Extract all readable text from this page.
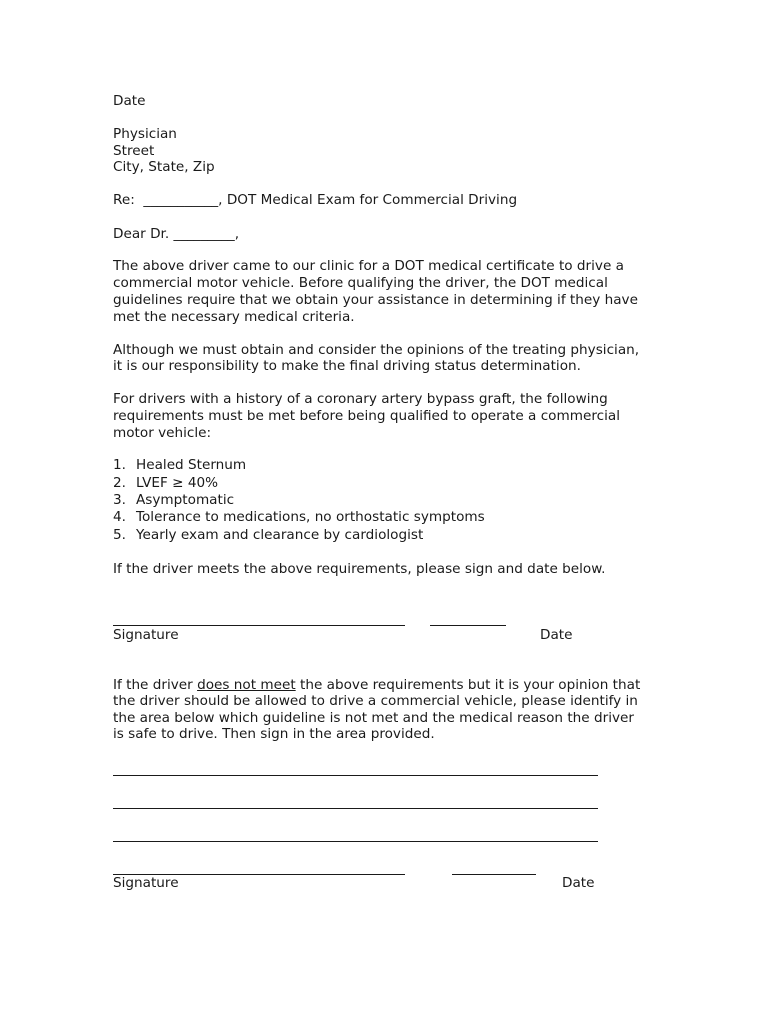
Date

Physician

Street

City, State, Zip

Re:  ___________, DOT Medical Exam for Commercial Driving

Dear Dr. _________,

The above driver came to our clinic for a DOT medical certificate to drive a

commercial motor vehicle. Before qualifying the driver, the DOT medical

guidelines require that we obtain your assistance in determining if they have

met the necessary medical criteria.

Although we must obtain and consider the opinions of the treating physician,

it is our responsibility to make the final driving status determination.

For drivers with a history of a coronary artery bypass graft, the following

requirements must be met before being qualified to operate a commercial

motor vehicle:

1. Healed Sternum

2. LVEF ≥ 40%

3. Asymptomatic

4. Tolerance to medications, no orthostatic symptoms

5. Yearly exam and clearance by cardiologist

If the driver meets the above requirements, please sign and date below.

Signature	Date

If the driver does not meet the above requirements but it is your opinion that

the driver should be allowed to drive a commercial vehicle, please identify in

the area below which guideline is not met and the medical reason the driver

is safe to drive. Then sign in the area provided.

Signature	Date
